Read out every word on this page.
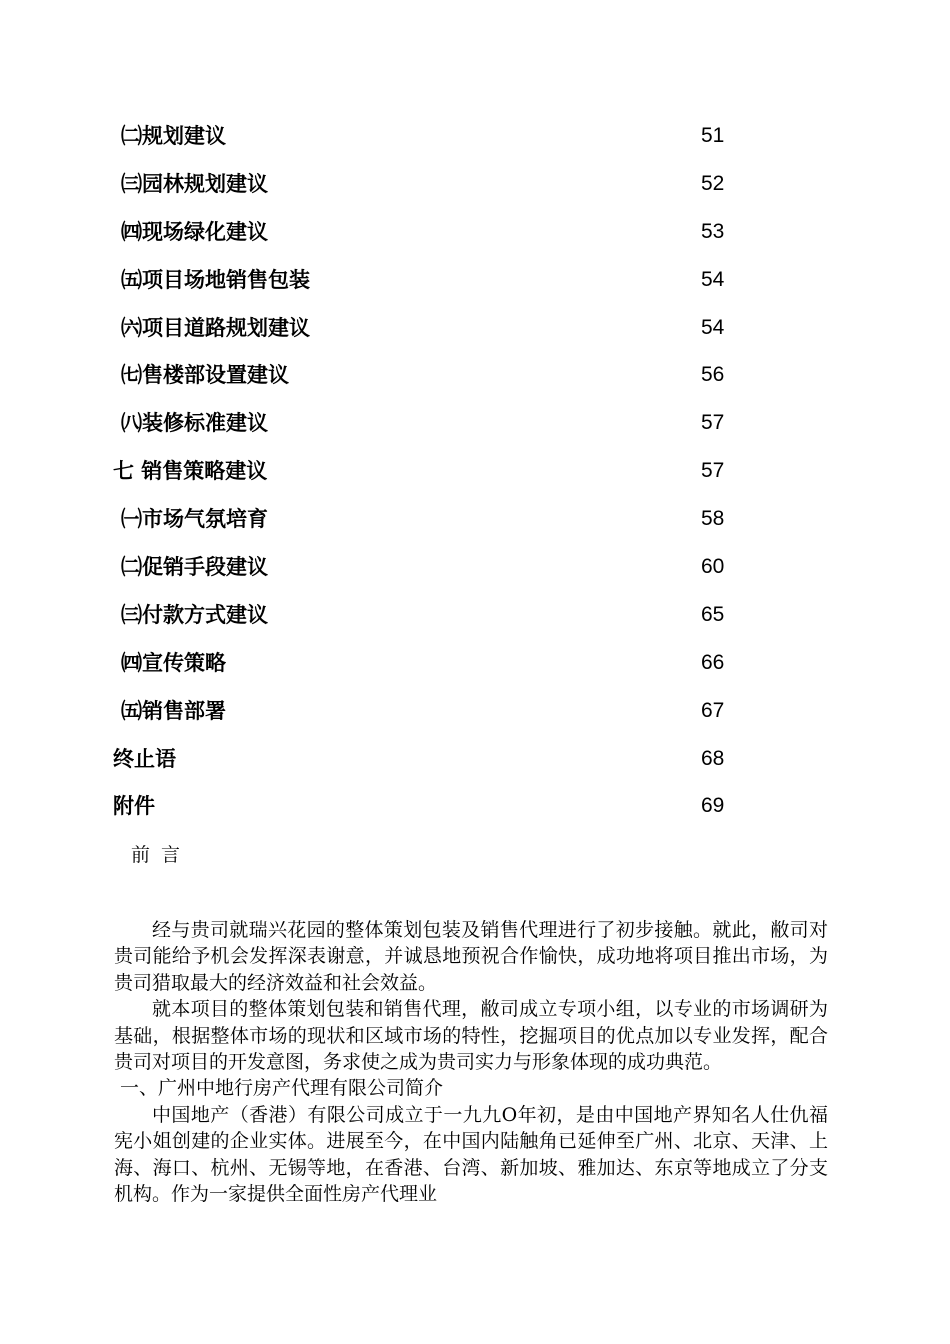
㈡规划建议	51
㈢园林规划建议	52
㈣现场绿化建议	53
㈤项目场地销售包装	54
㈥项目道路规划建议	54
㈦售楼部设置建议	56
㈧装修标准建议	57
七 销售策略建议	57
㈠市场气氛培育	58
㈡促销手段建议	60
㈢付款方式建议	65
㈣宣传策略	66
㈤销售部署	67
终止语	68
附件	69
前言

经与贵司就瑞兴花园的整体策划包装及销售代理进行了初步接触。就此，敝司对贵司能给予机会发挥深表谢意，并诚恳地预祝合作愉快，成功地将项目推出市场，为贵司猎取最大的经济效益和社会效益。

就本项目的整体策划包装和销售代理，敝司成立专项小组，以专业的市场调研为基础，根据整体市场的现状和区域市场的特性，挖掘项目的优点加以专业发挥，配合贵司对项目的开发意图，务求使之成为贵司实力与形象体现的成功典范。

一、广州中地行房产代理有限公司简介

中国地产（香港）有限公司成立于一九九O年初，是由中国地产界知名人仕仇福宪小姐创建的企业实体。进展至今，在中国内陆触角已延伸至广州、北京、天津、上海、海口、杭州、无锡等地，在香港、台湾、新加坡、雅加达、东京等地成立了分支机构。作为一家提供全面性房产代理业
